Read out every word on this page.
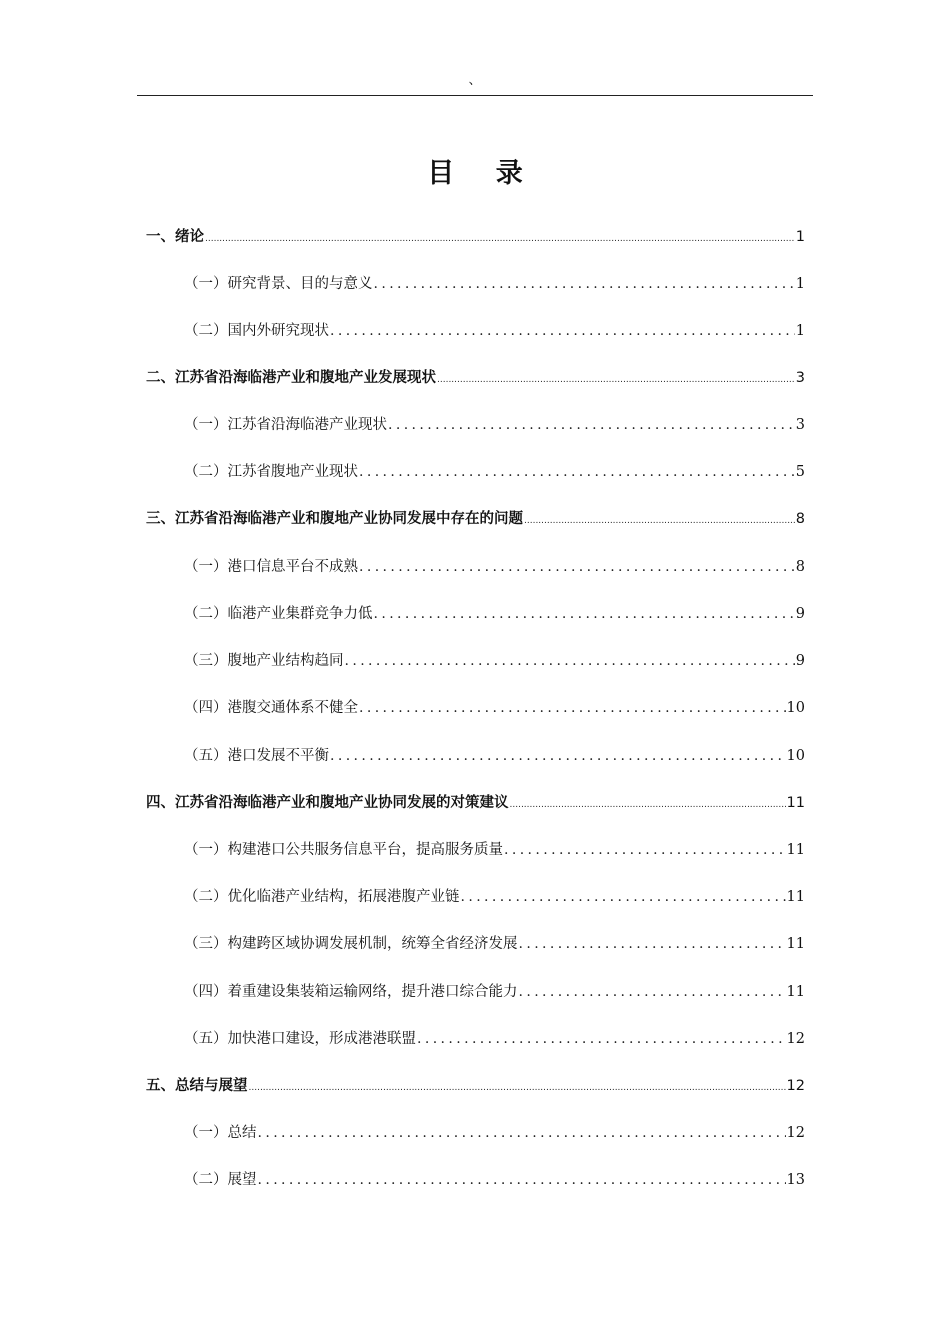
、
目 录
一、绪论 .....	1
（一）研究背景、目的与意义 .....	1
（二）国内外研究现状 .....	1
二、江苏省沿海临港产业和腹地产业发展现状 .....	3
（一）江苏省沿海临港产业现状 .....	3
（二）江苏省腹地产业现状 .....	5
三、江苏省沿海临港产业和腹地产业协同发展中存在的问题 .....	8
（一）港口信息平台不成熟 .....	8
（二）临港产业集群竞争力低 .....	9
（三）腹地产业结构趋同 .....	9
（四）港腹交通体系不健全 .....	10
（五）港口发展不平衡 .....	10
四、江苏省沿海临港产业和腹地产业协同发展的对策建议 .....	11
（一）构建港口公共服务信息平台，提高服务质量 .....	11
（二）优化临港产业结构，拓展港腹产业链 .....	11
（三）构建跨区域协调发展机制，统筹全省经济发展 .....	11
（四）着重建设集装箱运输网络，提升港口综合能力 .....	11
（五）加快港口建设，形成港港联盟 .....	12
五、总结与展望 .....	12
（一）总结 .....	12
（二）展望 .....	13
